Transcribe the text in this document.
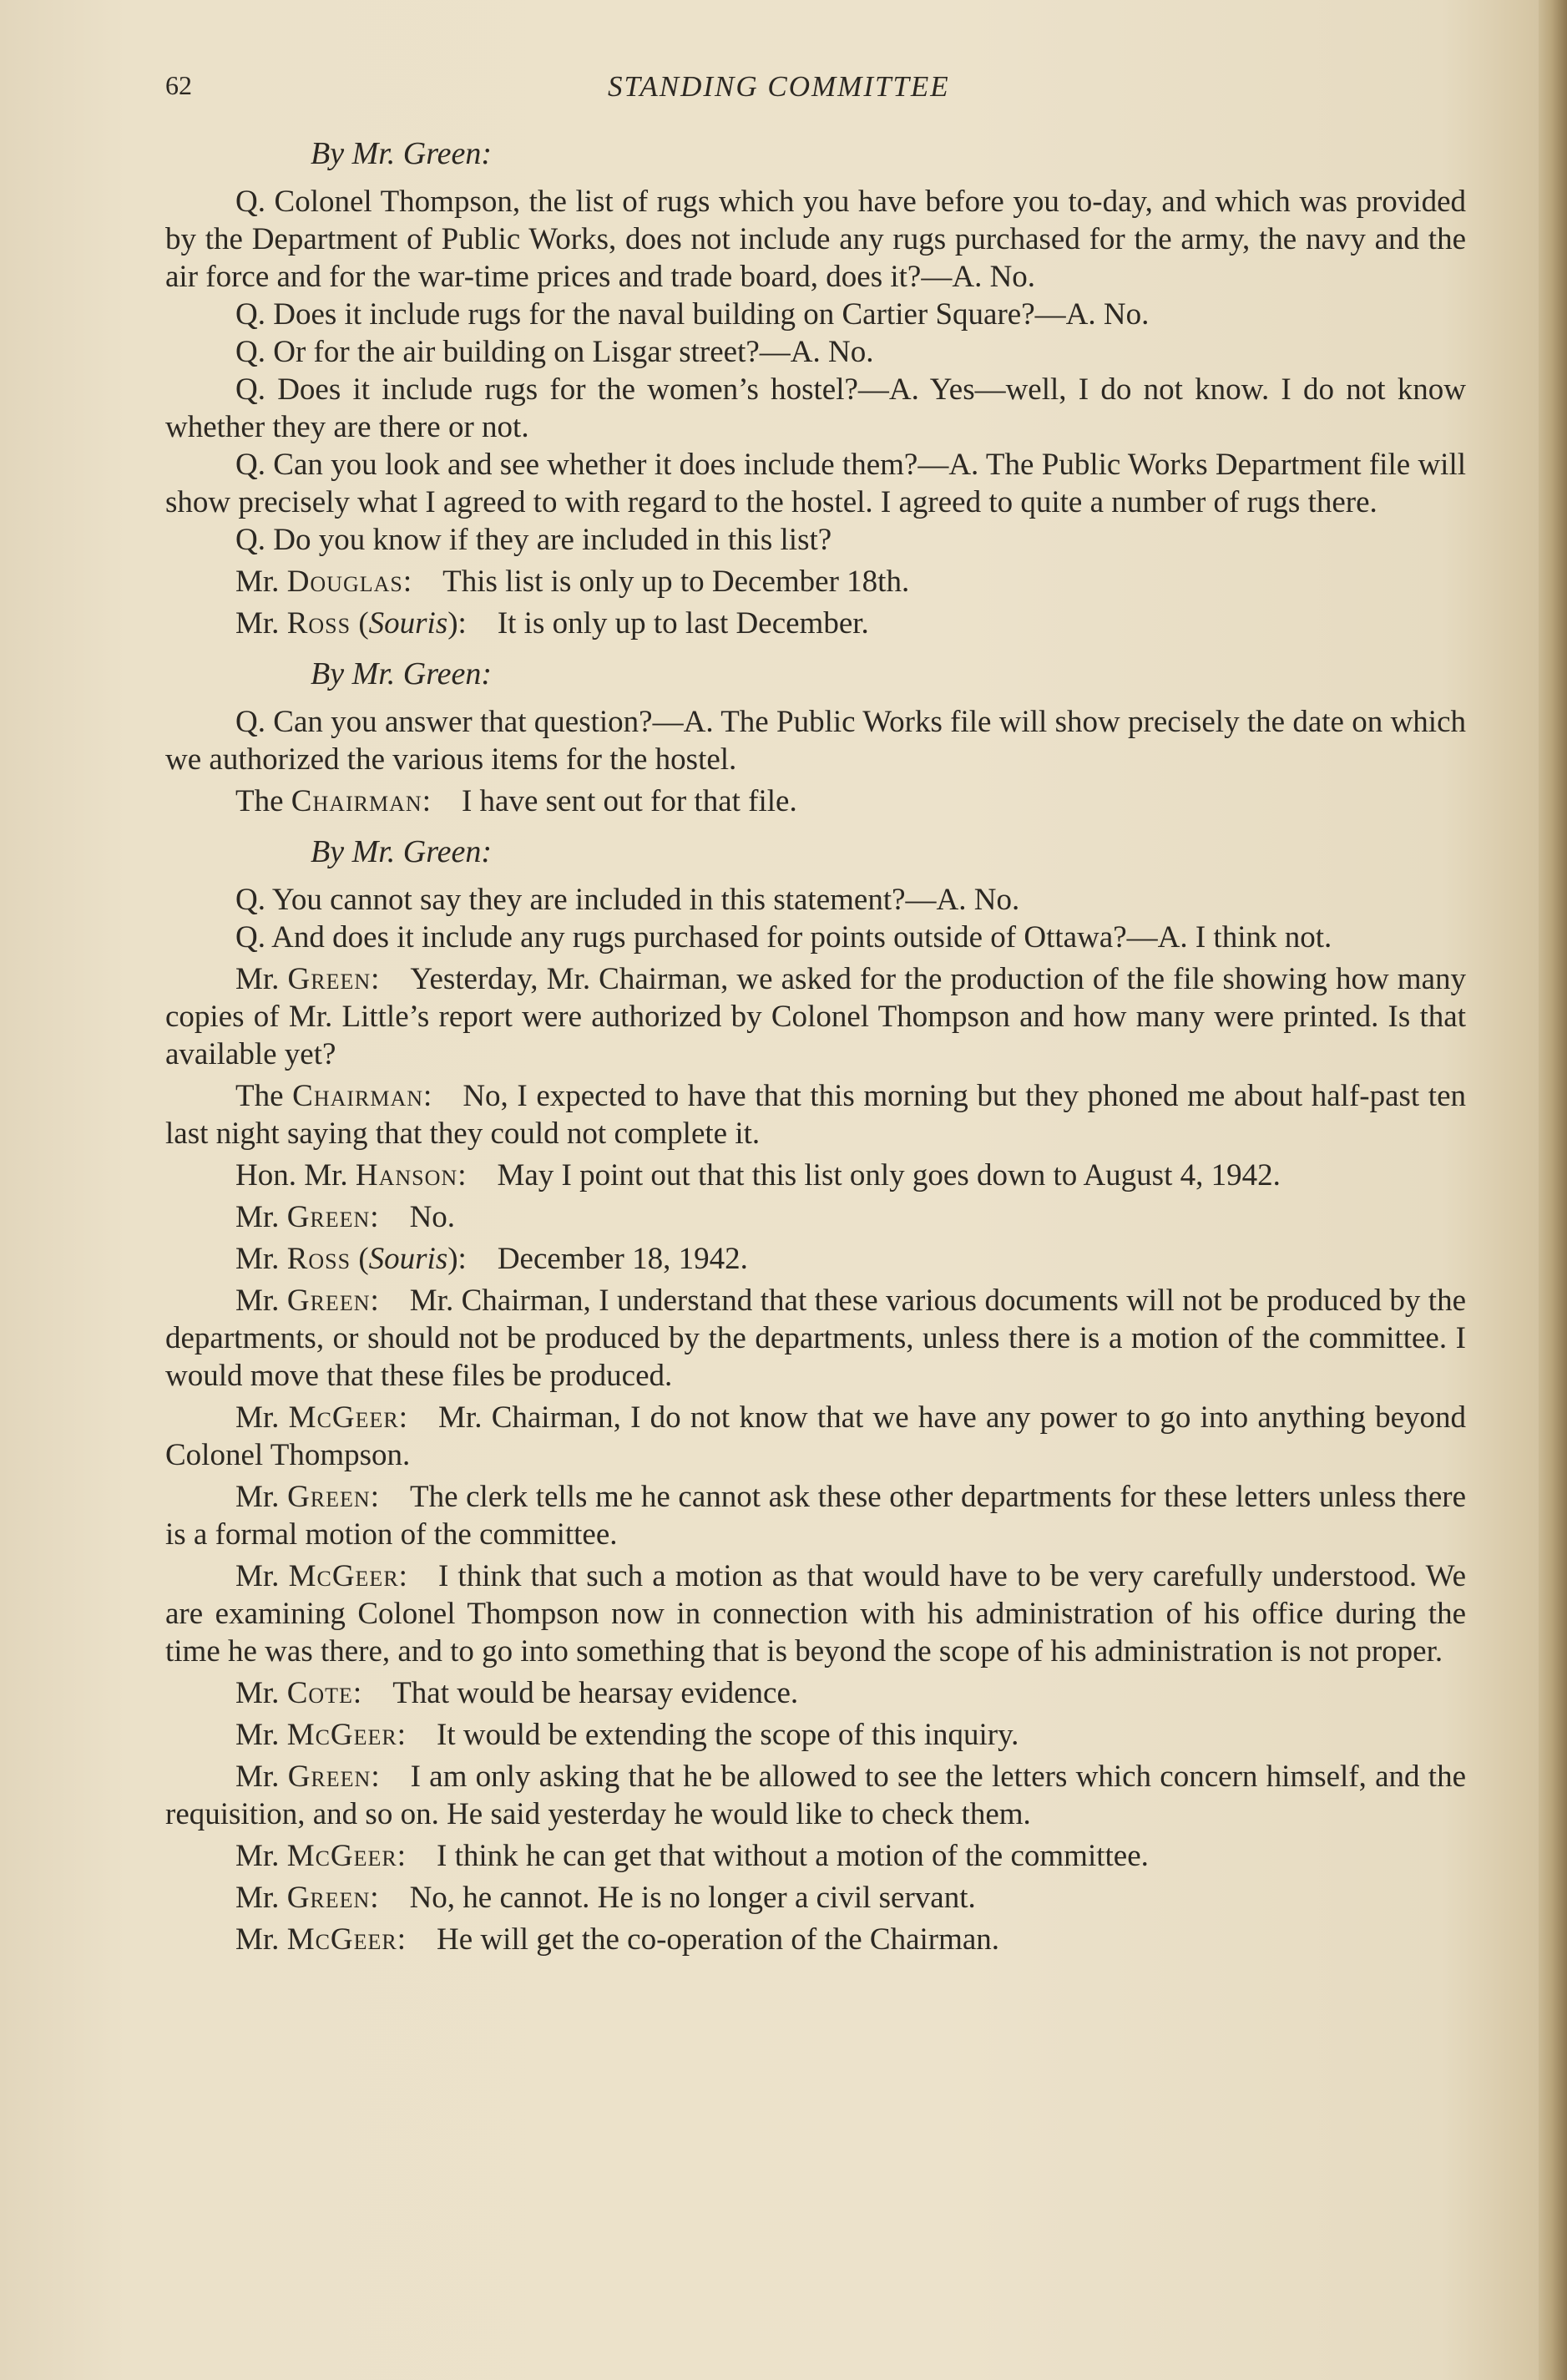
62	STANDING COMMITTEE

By Mr. Green:

Q. Colonel Thompson, the list of rugs which you have before you to-day, and which was provided by the Department of Public Works, does not include any rugs purchased for the army, the navy and the air force and for the war-time prices and trade board, does it?—A. No.

Q. Does it include rugs for the naval building on Cartier Square?—A. No.

Q. Or for the air building on Lisgar street?—A. No.

Q. Does it include rugs for the women’s hostel?—A. Yes—well, I do not know. I do not know whether they are there or not.

Q. Can you look and see whether it does include them?—A. The Public Works Department file will show precisely what I agreed to with regard to the hostel. I agreed to quite a number of rugs there.

Q. Do you know if they are included in this list?

Mr. Douglas: This list is only up to December 18th.

Mr. Ross (Souris): It is only up to last December.

By Mr. Green:

Q. Can you answer that question?—A. The Public Works file will show precisely the date on which we authorized the various items for the hostel.

The Chairman: I have sent out for that file.

By Mr. Green:

Q. You cannot say they are included in this statement?—A. No.

Q. And does it include any rugs purchased for points outside of Ottawa?—A. I think not.

Mr. Green: Yesterday, Mr. Chairman, we asked for the production of the file showing how many copies of Mr. Little’s report were authorized by Colonel Thompson and how many were printed. Is that available yet?

The Chairman: No, I expected to have that this morning but they phoned me about half-past ten last night saying that they could not complete it.

Hon. Mr. Hanson: May I point out that this list only goes down to August 4, 1942.

Mr. Green: No.

Mr. Ross (Souris): December 18, 1942.

Mr. Green: Mr. Chairman, I understand that these various documents will not be produced by the departments, or should not be produced by the departments, unless there is a motion of the committee. I would move that these files be produced.

Mr. McGeer: Mr. Chairman, I do not know that we have any power to go into anything beyond Colonel Thompson.

Mr. Green: The clerk tells me he cannot ask these other departments for these letters unless there is a formal motion of the committee.

Mr. McGeer: I think that such a motion as that would have to be very carefully understood. We are examining Colonel Thompson now in connection with his administration of his office during the time he was there, and to go into something that is beyond the scope of his administration is not proper.

Mr. Cote: That would be hearsay evidence.

Mr. McGeer: It would be extending the scope of this inquiry.

Mr. Green: I am only asking that he be allowed to see the letters which concern himself, and the requisition, and so on. He said yesterday he would like to check them.

Mr. McGeer: I think he can get that without a motion of the committee.

Mr. Green: No, he cannot. He is no longer a civil servant.

Mr. McGeer: He will get the co-operation of the Chairman.
